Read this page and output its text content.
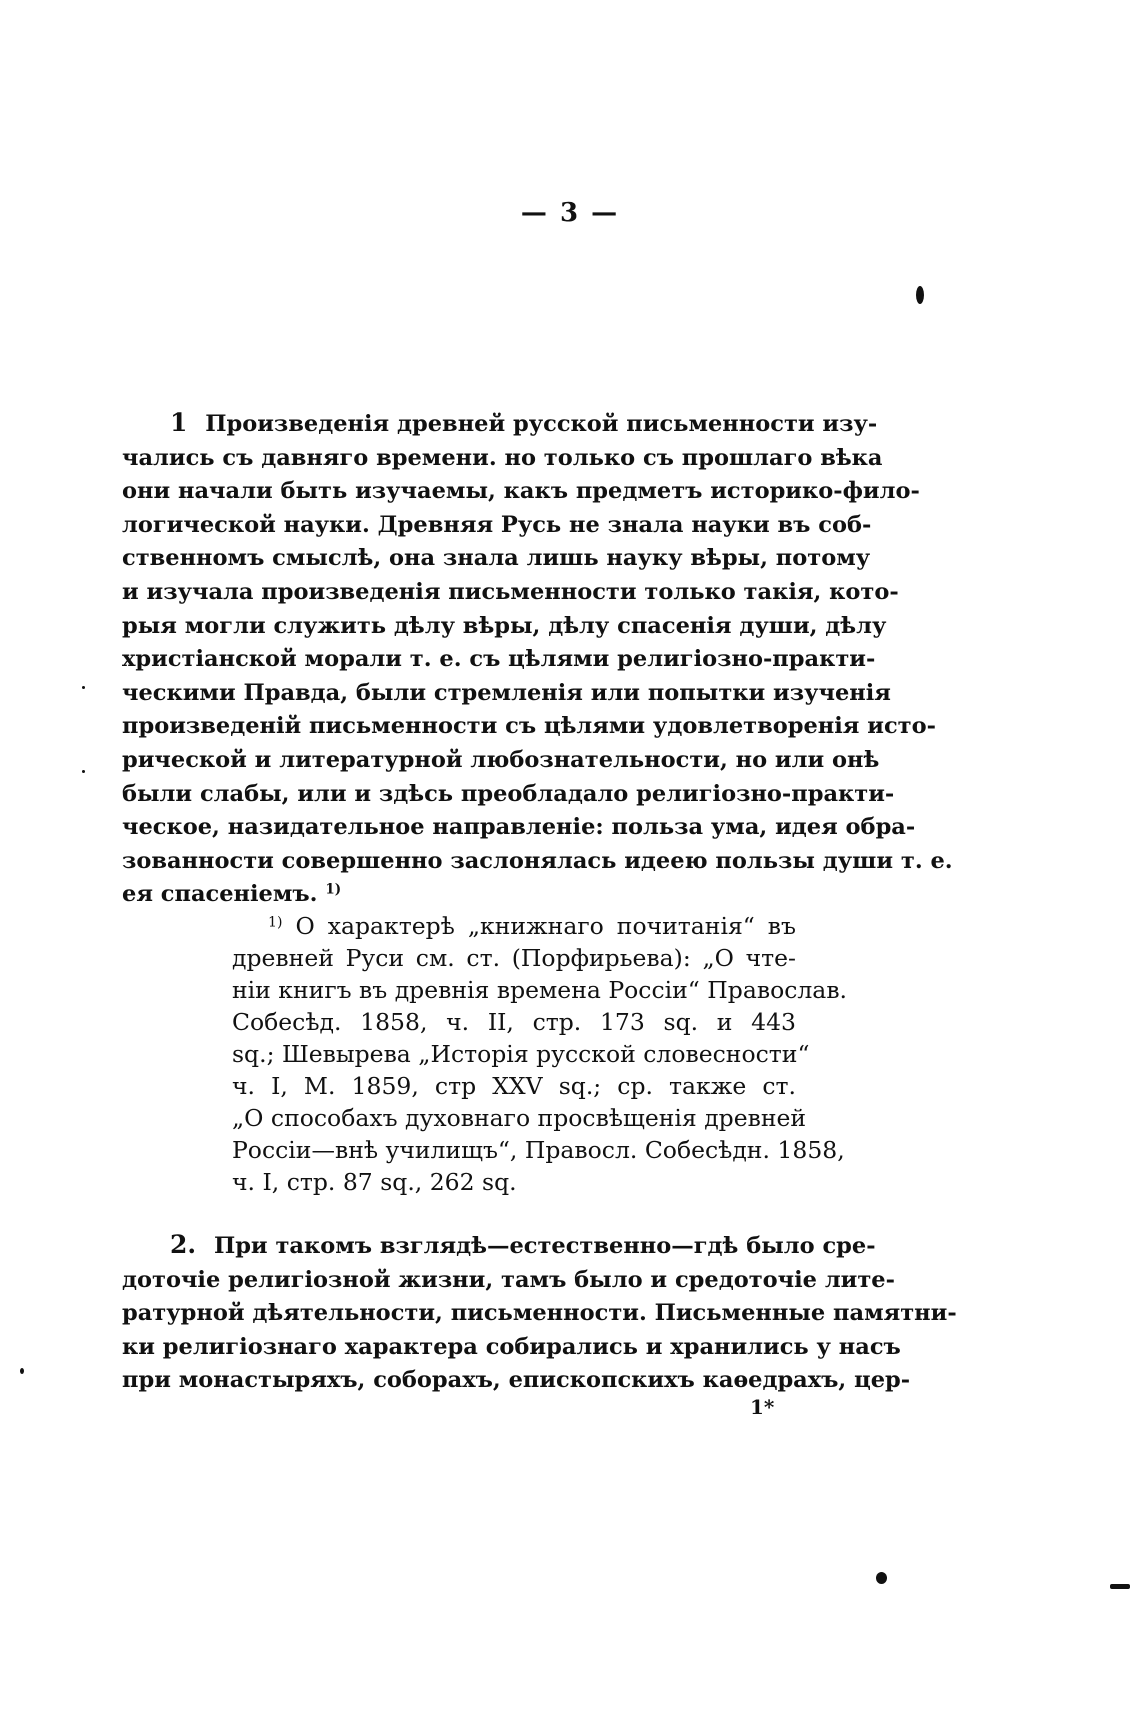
— 3 —
1 Произведенія древней русской письменности изу-
чались съ давняго времени. но только съ прошлаго вѣка
они начали быть изучаемы, какъ предметъ историко-фило-
логической науки. Древняя Русь не знала науки въ соб-
ственномъ смыслѣ, она знала лишь науку вѣры, потому
и изучала произведенія письменности только такія, кото-
рыя могли служить дѣлу вѣры, дѣлу спасенія души, дѣлу
христіанской морали т. е. съ цѣлями религіозно-практи-
ческими Правда, были стремленія или попытки изученія
произведеній письменности съ цѣлями удовлетворенія исто-
рической и литературной любознательности, но или онѣ
были слабы, или и здѣсь преобладало религіозно-практи-
ческое, назидательное направленіе: польза ума, идея обра-
зованности совершенно заслонялась идеею пользы души т. е.
ея спасеніемъ. $^{1)}$
$^{1)}$ О характерѣ „книжнаго почитанія“ въ
древней Руси см. ст. (Порфирьева): „О чте-
ніи книгъ въ древнія времена Россіи“ Православ.
Собесѣд. 1858, ч. II, стр. 173 sq. и 443
sq.; Шевырева „Исторія русской словесности“
ч. I, М. 1859, стр XXV sq.; ср. также ст.
„О способахъ духовнаго просвѣщенія древней
Россіи—внѣ училищъ“, Правосл. Собесѣдн. 1858,
ч. I, стр. 87 sq., 262 sq.
2. При такомъ взглядѣ—естественно—гдѣ было сре-
доточіе религіозной жизни, тамъ было и средоточіе лите-
ратурной дѣятельности, письменности. Письменные памятни-
ки религіознаго характера собирались и хранились у насъ
при монастыряхъ, соборахъ, епископскихъ каѳедрахъ, цер-
1*
